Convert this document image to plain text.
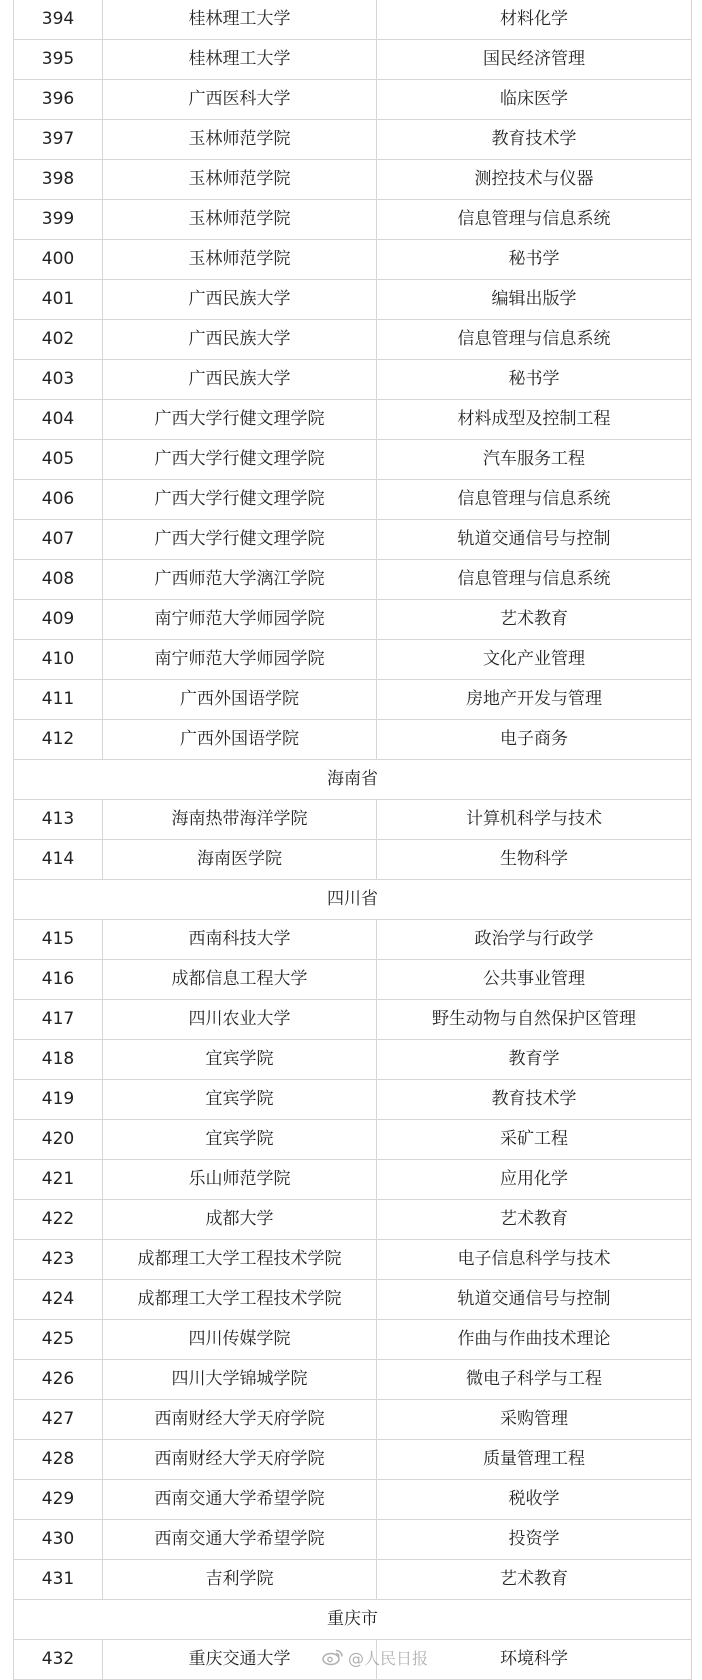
394	桂林理工大学	材料化学
395	桂林理工大学	国民经济管理
396	广西医科大学	临床医学
397	玉林师范学院	教育技术学
398	玉林师范学院	测控技术与仪器
399	玉林师范学院	信息管理与信息系统
400	玉林师范学院	秘书学
401	广西民族大学	编辑出版学
402	广西民族大学	信息管理与信息系统
403	广西民族大学	秘书学
404	广西大学行健文理学院	材料成型及控制工程
405	广西大学行健文理学院	汽车服务工程
406	广西大学行健文理学院	信息管理与信息系统
407	广西大学行健文理学院	轨道交通信号与控制
408	广西师范大学漓江学院	信息管理与信息系统
409	南宁师范大学师园学院	艺术教育
410	南宁师范大学师园学院	文化产业管理
411	广西外国语学院	房地产开发与管理
412	广西外国语学院	电子商务
海南省
413	海南热带海洋学院	计算机科学与技术
414	海南医学院	生物科学
四川省
415	西南科技大学	政治学与行政学
416	成都信息工程大学	公共事业管理
417	四川农业大学	野生动物与自然保护区管理
418	宜宾学院	教育学
419	宜宾学院	教育技术学
420	宜宾学院	采矿工程
421	乐山师范学院	应用化学
422	成都大学	艺术教育
423	成都理工大学工程技术学院	电子信息科学与技术
424	成都理工大学工程技术学院	轨道交通信号与控制
425	四川传媒学院	作曲与作曲技术理论
426	四川大学锦城学院	微电子科学与工程
427	西南财经大学天府学院	采购管理
428	西南财经大学天府学院	质量管理工程
429	西南交通大学希望学院	税收学
430	西南交通大学希望学院	投资学
431	吉利学院	艺术教育
重庆市
432	重庆交通大学	环境科学
@人民日报
